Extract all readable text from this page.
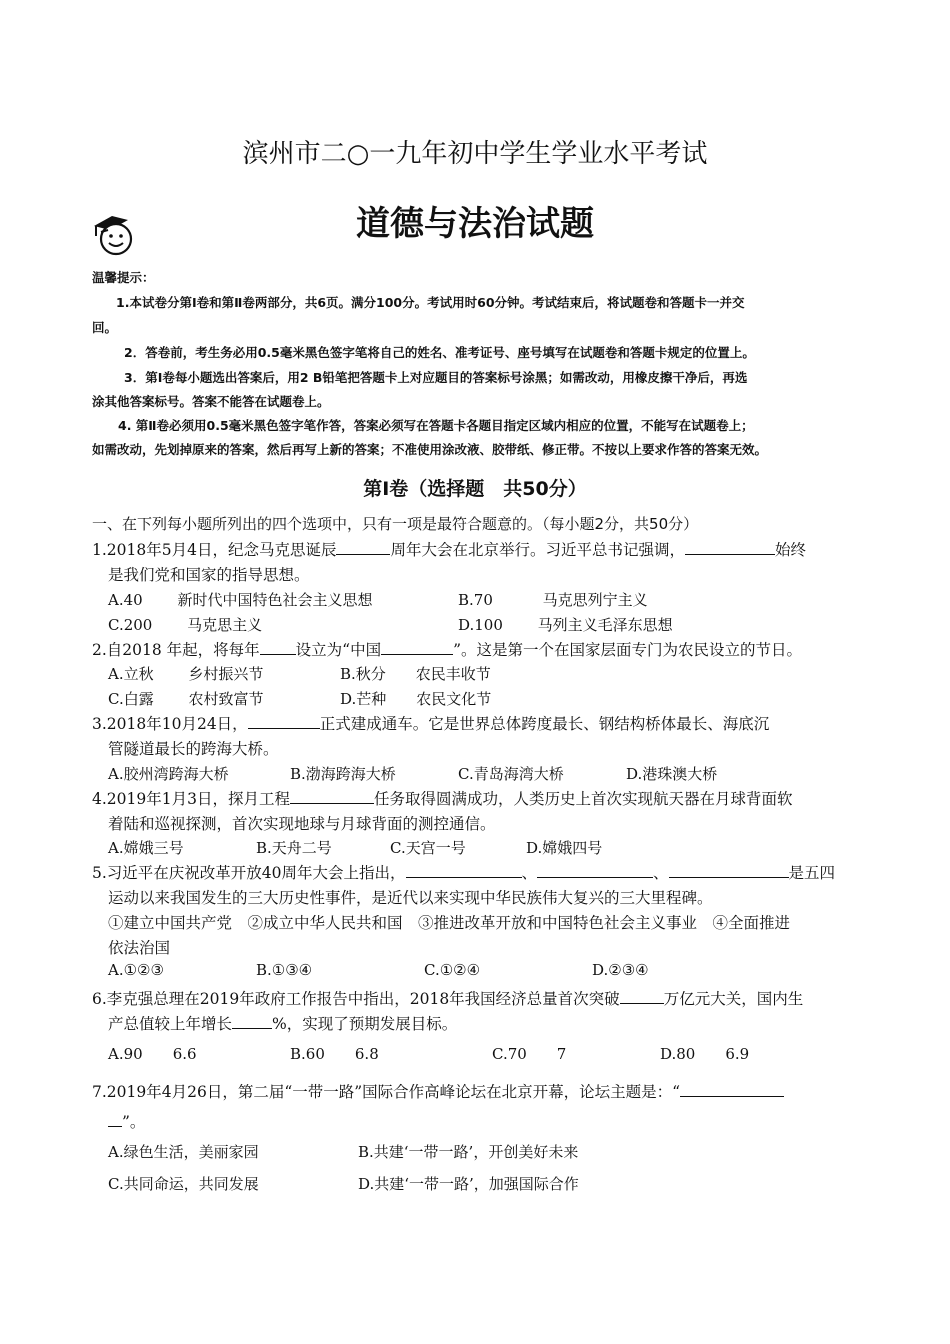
滨州市二○一九年初中学生学业水平考试
道德与法治试题
温馨提示：
1.本试卷分第Ⅰ卷和第Ⅱ卷两部分，共6页。满分100分。考试用时60分钟。考试结束后，将试题卷和答题卡一并交
回。
2．答卷前，考生务必用0.5毫米黑色签字笔将自己的姓名、准考证号、座号填写在试题卷和答题卡规定的位置上。
3．第Ⅰ卷每小题选出答案后，用2 B铅笔把答题卡上对应题目的答案标号涂黑；如需改动，用橡皮擦干净后，再选
涂其他答案标号。答案不能答在试题卷上。
4. 第Ⅱ卷必须用0.5毫米黑色签字笔作答，答案必须写在答题卡各题目指定区域内相应的位置，不能写在试题卷上；
如需改动，先划掉原来的答案，然后再写上新的答案；不准使用涂改液、胶带纸、修正带。不按以上要求作答的答案无效。
第Ⅰ卷（选择题　共50分）
一、在下列每小题所列出的四个选项中，只有一项是最符合题意的。（每小题2分，共50分）
1.2018年5月4日，纪念马克思诞辰	周年大会在北京举行。习近平总书记强调，	始终
是我们党和国家的指导思想。
A.40　　 新时代中国特色社会主义思想	B.70　　　 马克思列宁主义
C.200　　 马克思主义	D.100　　 马列主义毛泽东思想
2.自2018 年起，将每年 设立为“中国	”。这是第一个在国家层面专门为农民设立的节日。
A.立秋　　 乡村振兴节	B.秋分　　农民丰收节
C.白露　　 农村致富节	D.芒种　　农民文化节
3.2018年10月24日，	正式建成通车。它是世界总体跨度最长、钢结构桥体最长、海底沉
管隧道最长的跨海大桥。
A.胶州湾跨海大桥	B.渤海跨海大桥	C.青岛海湾大桥	D.港珠澳大桥
4.2019年1月3日，探月工程	任务取得圆满成功，人类历史上首次实现航天器在月球背面软
着陆和巡视探测，首次实现地球与月球背面的测控通信。
A.嫦娥三号	B.天舟二号	C.天宫一号	D.嫦娥四号
5.习近平在庆祝改革开放40周年大会上指出，	、	、	是五四
运动以来我国发生的三大历史性事件，是近代以来实现中华民族伟大复兴的三大里程碑。
①建立中国共产党　②成立中华人民共和国　③推进改革开放和中国特色社会主义事业　④全面推进
依法治国
A.①②③	B.①③④	C.①②④	D.②③④
6.李克强总理在2019年政府工作报告中指出，2018年我国经济总量首次突破	万亿元大关，国内生
产总值较上年增长	%，实现了预期发展目标。
A.90　　6.6	B.60　　6.8	C.70　　7	D.80　　6.9
7.2019年4月26日，第二届“一带一路”国际合作高峰论坛在北京开幕，论坛主题是：“
”。
A.绿色生活，美丽家园	B.共建‘一带一路’，开创美好未来
C.共同命运，共同发展	D.共建‘一带一路’，加强国际合作
